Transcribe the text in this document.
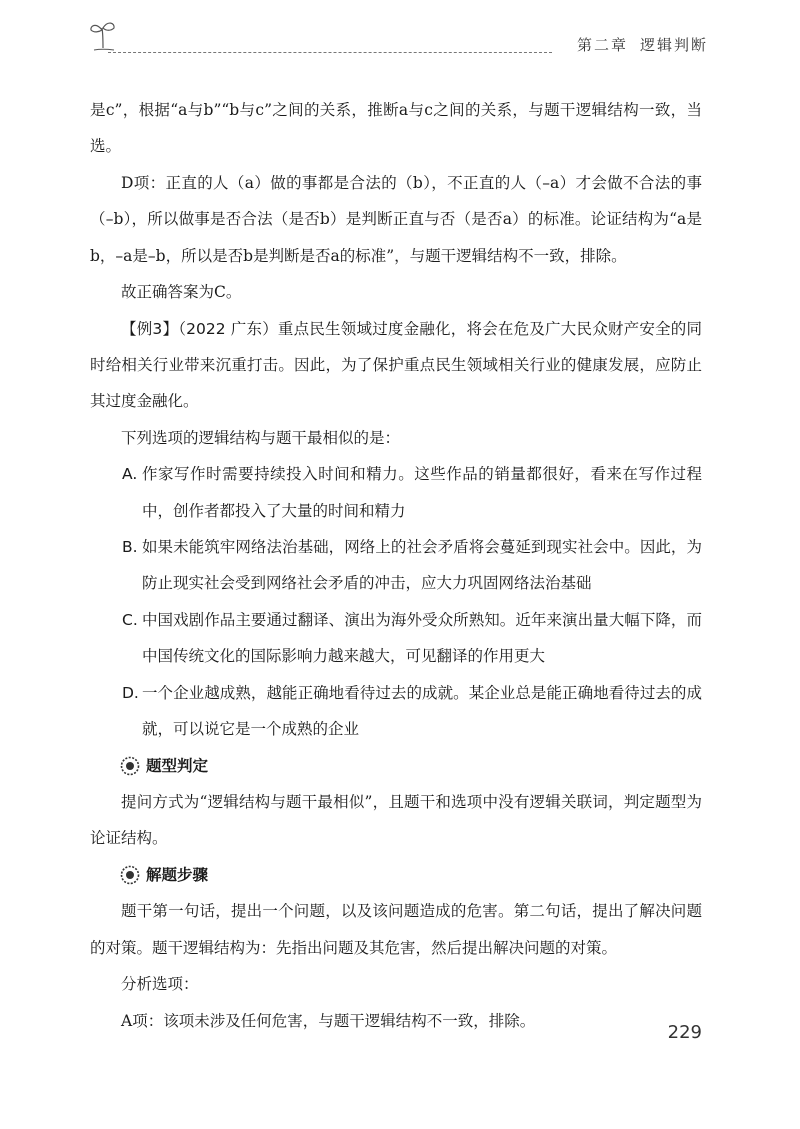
第二章 逻辑判断

是c”，根据“a与b”“b与c”之间的关系，推断a与c之间的关系，与题干逻辑结构一致，当选。

D项：正直的人（a）做的事都是合法的（b），不正直的人（–a）才会做不合法的事（–b），所以做事是否合法（是否b）是判断正直与否（是否a）的标准。论证结构为“a是b，–a是–b，所以是否b是判断是否a的标准”，与题干逻辑结构不一致，排除。

故正确答案为C。

【例3】（2022 广东）重点民生领域过度金融化，将会在危及广大民众财产安全的同时给相关行业带来沉重打击。因此，为了保护重点民生领域相关行业的健康发展，应防止其过度金融化。

下列选项的逻辑结构与题干最相似的是：

A. 作家写作时需要持续投入时间和精力。这些作品的销量都很好，看来在写作过程中，创作者都投入了大量的时间和精力
B. 如果未能筑牢网络法治基础，网络上的社会矛盾将会蔓延到现实社会中。因此，为防止现实社会受到网络社会矛盾的冲击，应大力巩固网络法治基础
C. 中国戏剧作品主要通过翻译、演出为海外受众所熟知。近年来演出量大幅下降，而中国传统文化的国际影响力越来越大，可见翻译的作用更大
D. 一个企业越成熟，越能正确地看待过去的成就。某企业总是能正确地看待过去的成就，可以说它是一个成熟的企业
题型判定

提问方式为“逻辑结构与题干最相似”，且题干和选项中没有逻辑关联词，判定题型为论证结构。

解题步骤

题干第一句话，提出一个问题，以及该问题造成的危害。第二句话，提出了解决问题的对策。题干逻辑结构为：先指出问题及其危害，然后提出解决问题的对策。

分析选项：

A项：该项未涉及任何危害，与题干逻辑结构不一致，排除。

229
